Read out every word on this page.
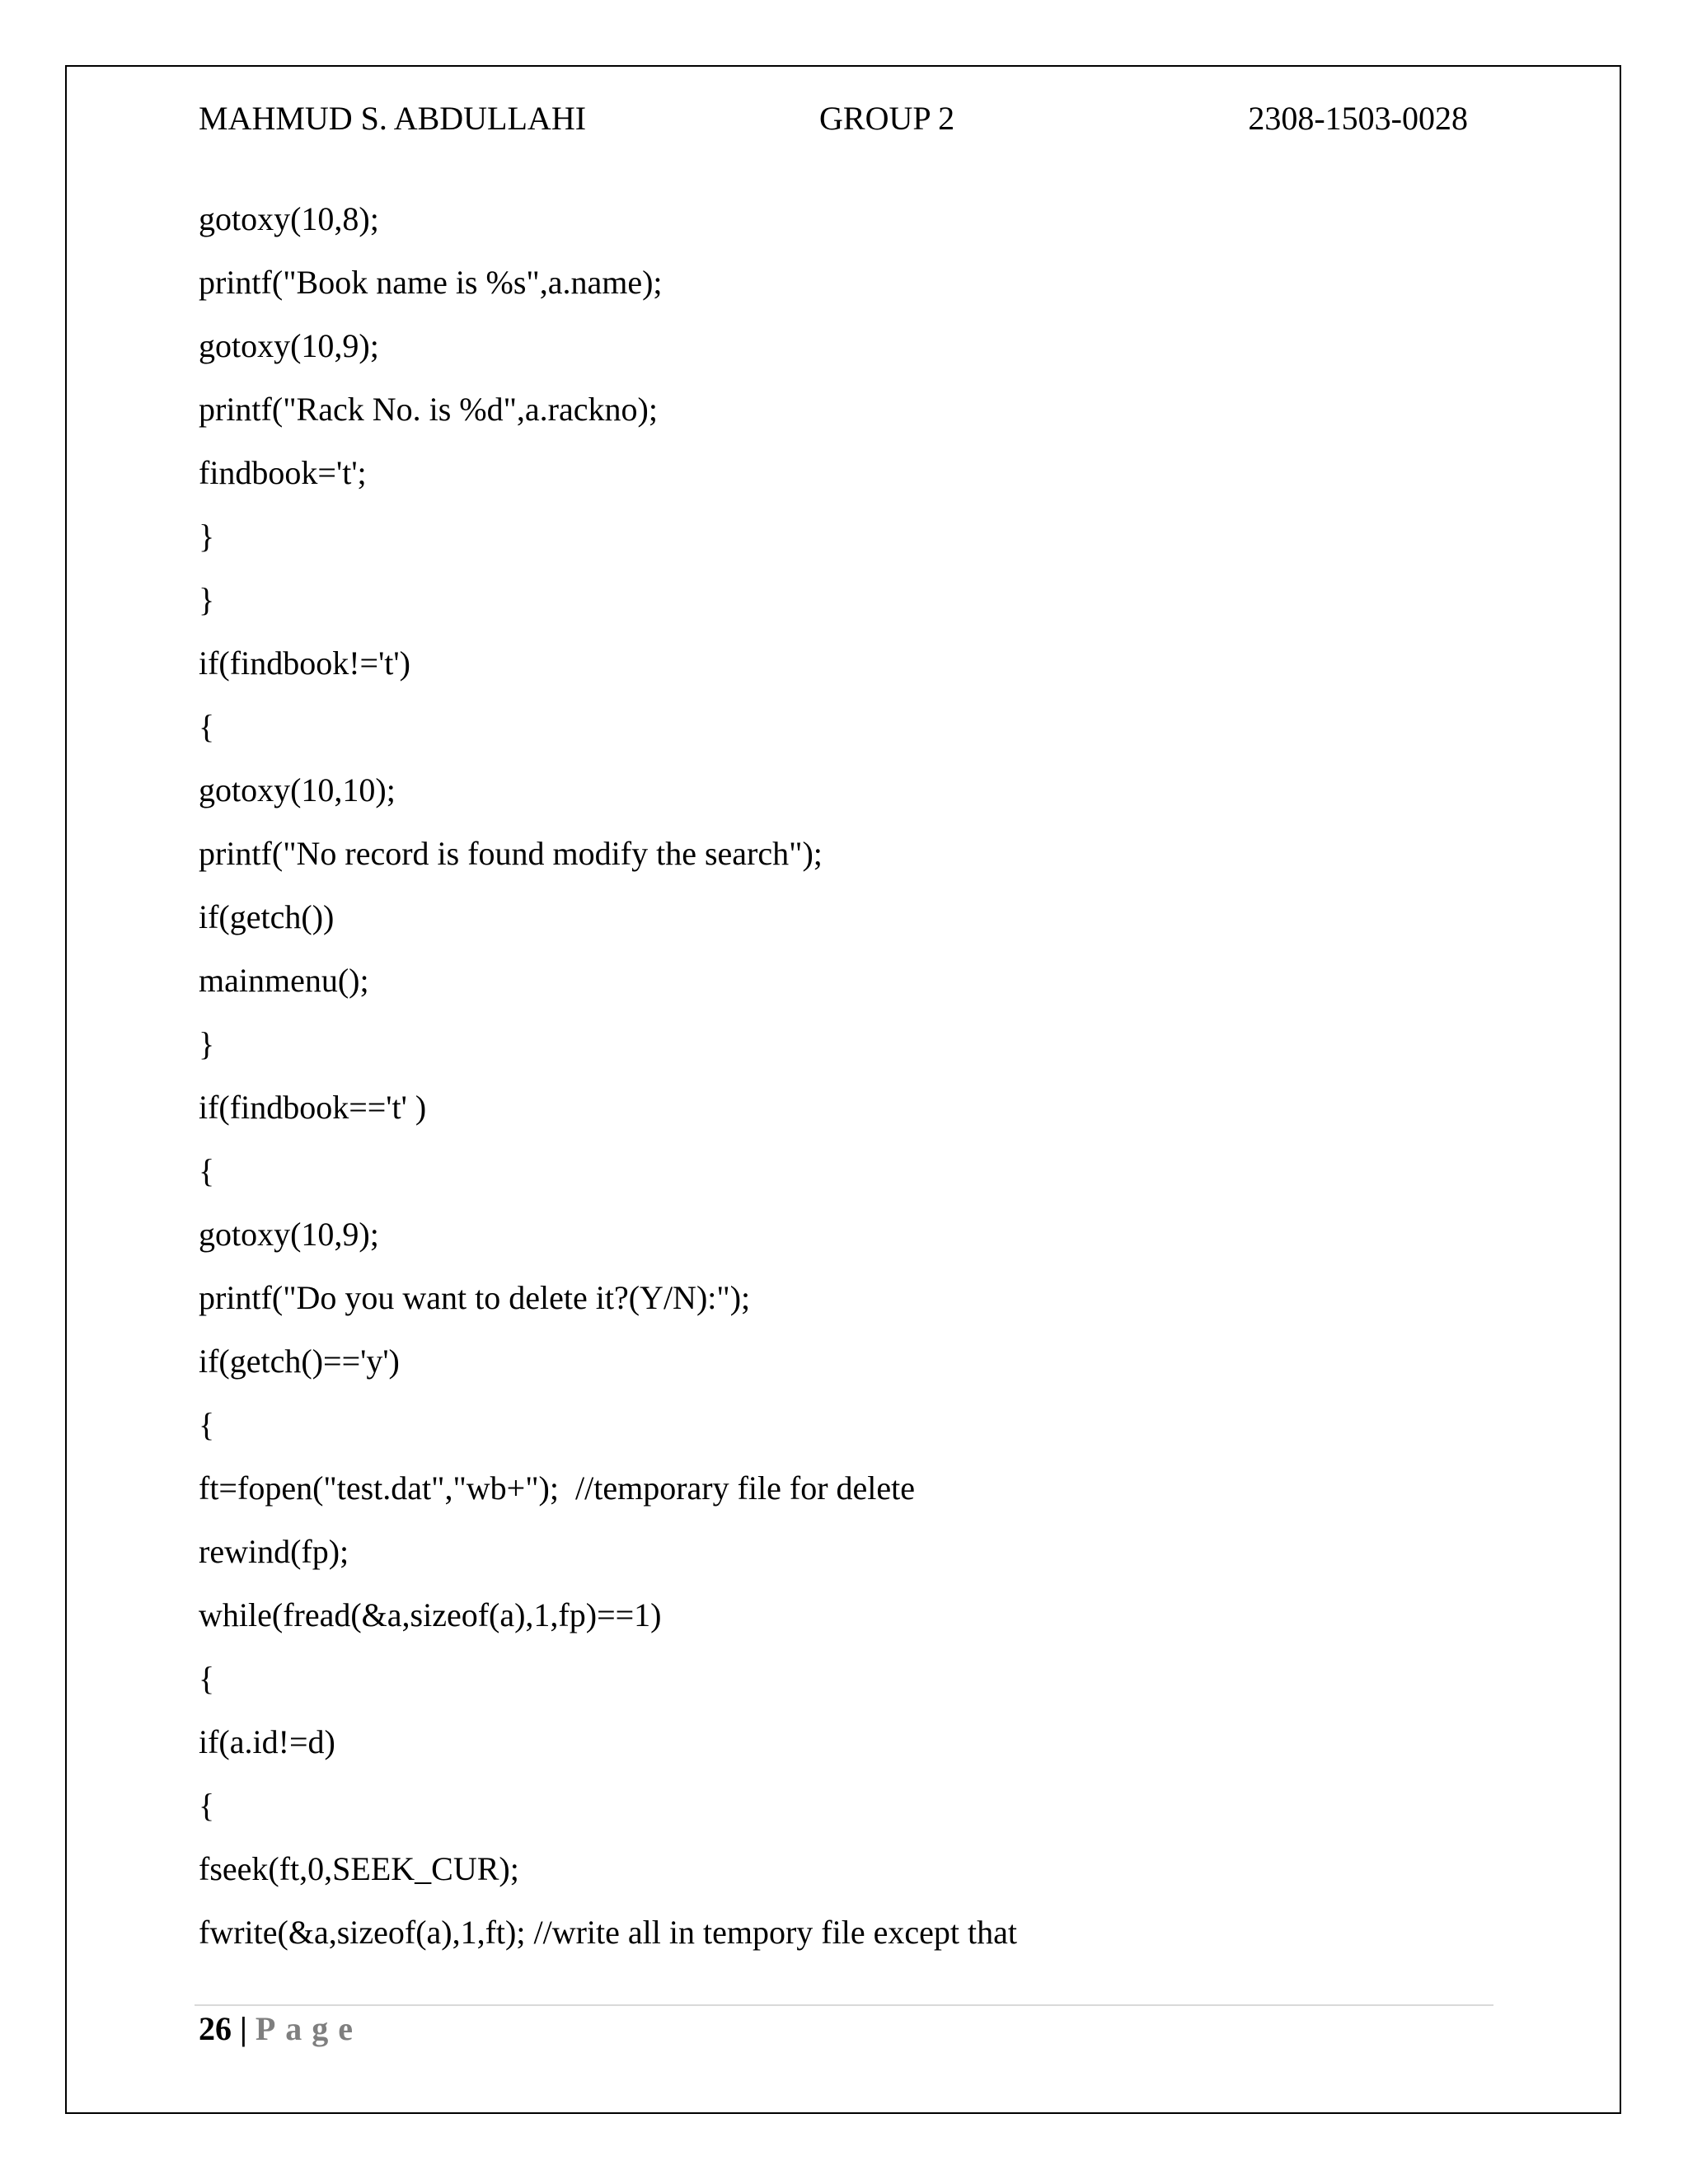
MAHMUD S. ABDULLAHI	GROUP 2	2308-1503-0028
gotoxy(10,8);
printf("Book name is %s",a.name);
gotoxy(10,9);
printf("Rack No. is %d",a.rackno);
findbook='t';
}
}
if(findbook!='t')
{
gotoxy(10,10);
printf("No record is found modify the search");
if(getch())
mainmenu();
}
if(findbook=='t' )
{
gotoxy(10,9);
printf("Do you want to delete it?(Y/N):");
if(getch()=='y')
{
ft=fopen("test.dat","wb+");  //temporary file for delete
rewind(fp);
while(fread(&a,sizeof(a),1,fp)==1)
{
if(a.id!=d)
{
fseek(ft,0,SEEK_CUR);
fwrite(&a,sizeof(a),1,ft); //write all in tempory file except that
26 | Page
